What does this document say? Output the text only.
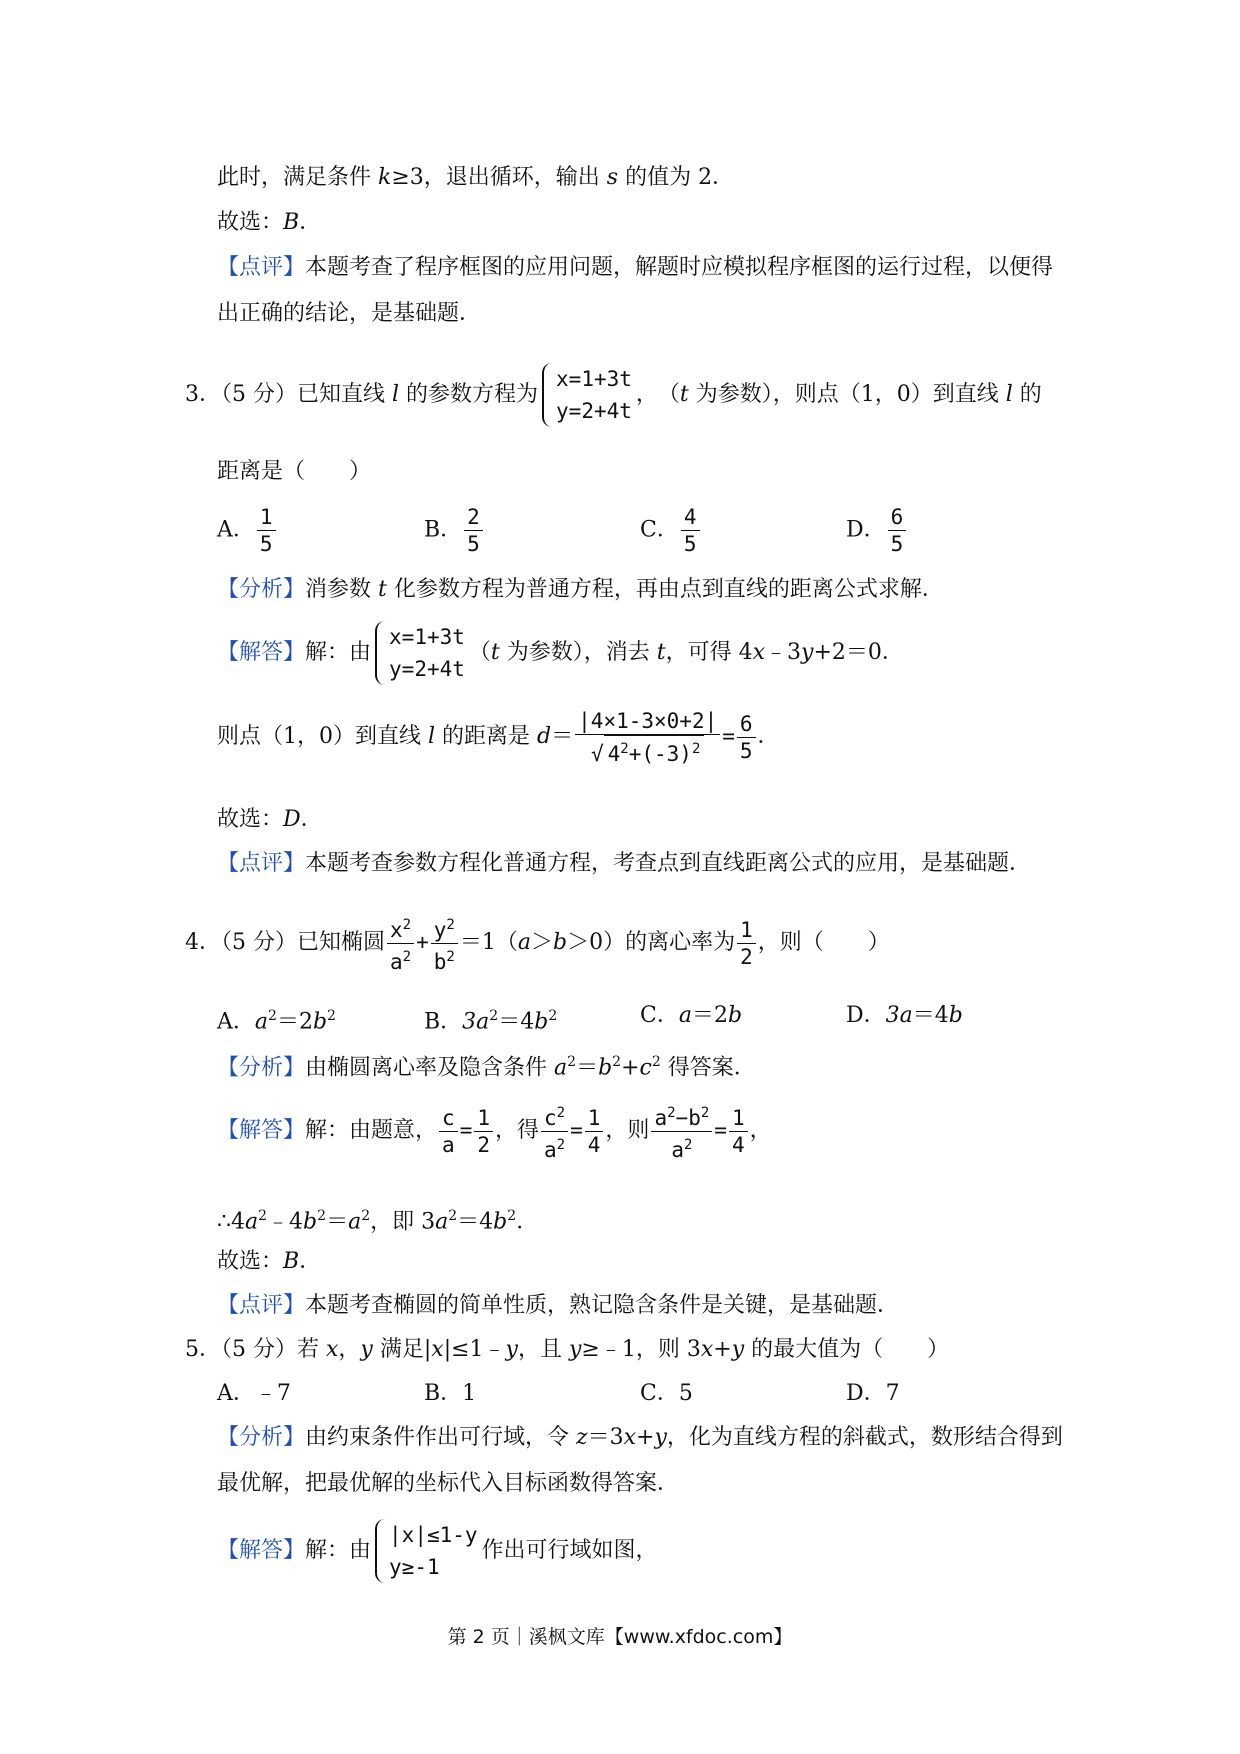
此时，满足条件 k≥3，退出循环，输出 s 的值为 2．
故选：B．
【点评】本题考查了程序框图的应用问题，解题时应模拟程序框图的运行过程，以便得
出正确的结论，是基础题．
3．（5 分）已知直线 l 的参数方程为
x=1+3t
y=2+4t
，　（t 为参数），则点（1，0）到直线 l 的
距离是（　　）
A． $\frac{1}{5}$	B． $\frac{2}{5}$	C． $\frac{4}{5}$	D． $\frac{6}{5}$
【分析】消参数 t 化参数方程为普通方程，再由点到直线的距离公式求解．
【解答】解：由
x=1+3t
y=2+4t
（t 为参数），消去 t，可得 4x﹣3y+2＝0．
则点（1，0）到直线 l 的距离是 $d= \frac{|4\times 1-3\times 0+2|}{√ 4^2+(-3)^2} = \frac{6}{5}$ ．
故选：D．
【点评】本题考查参数方程化普通方程，考查点到直线距离公式的应用，是基础题．
4．（5 分）已知椭圆 $\frac{x^2}{a^2} + \frac{y^2}{b^2} =1(a>b>0)$的离心率为 $\frac{1}{2}$ ，则（　　）
A．$a^2=2b^2$	B．$3a^2=4b^2$	C．a＝2b	D．3a＝4b
【分析】由椭圆离心率及隐含条件 $a^2=b^2+c^2$ 得答案．
【解答】解：由题意， $\frac{c}{a} = \frac{1}{2}$ ，得 $\frac{c^2}{a^2} = \frac{1}{4}$ ，则 $\frac{a^2-b^2}{a^2} = \frac{1}{4}$ ，
$\therefore 4a^2﹣4b^2=a^2$，即 $3a^2=4b^2$．
故选：B．
【点评】本题考查椭圆的简单性质，熟记隐含条件是关键，是基础题．
5．（5 分）若 x，y 满足|x|≤1﹣y，且 y≥﹣1，则 3x+y 的最大值为（　　）
A．﹣7	B．1	C．5	D．7
【分析】由约束条件作出可行域，令 z＝3x+y，化为直线方程的斜截式，数形结合得到
最优解，把最优解的坐标代入目标函数得答案．
【解答】解：由
|x|≤1-y
y≥-1
作出可行域如图，
第 2 页｜溪枫文库【www.xfdoc.com】
